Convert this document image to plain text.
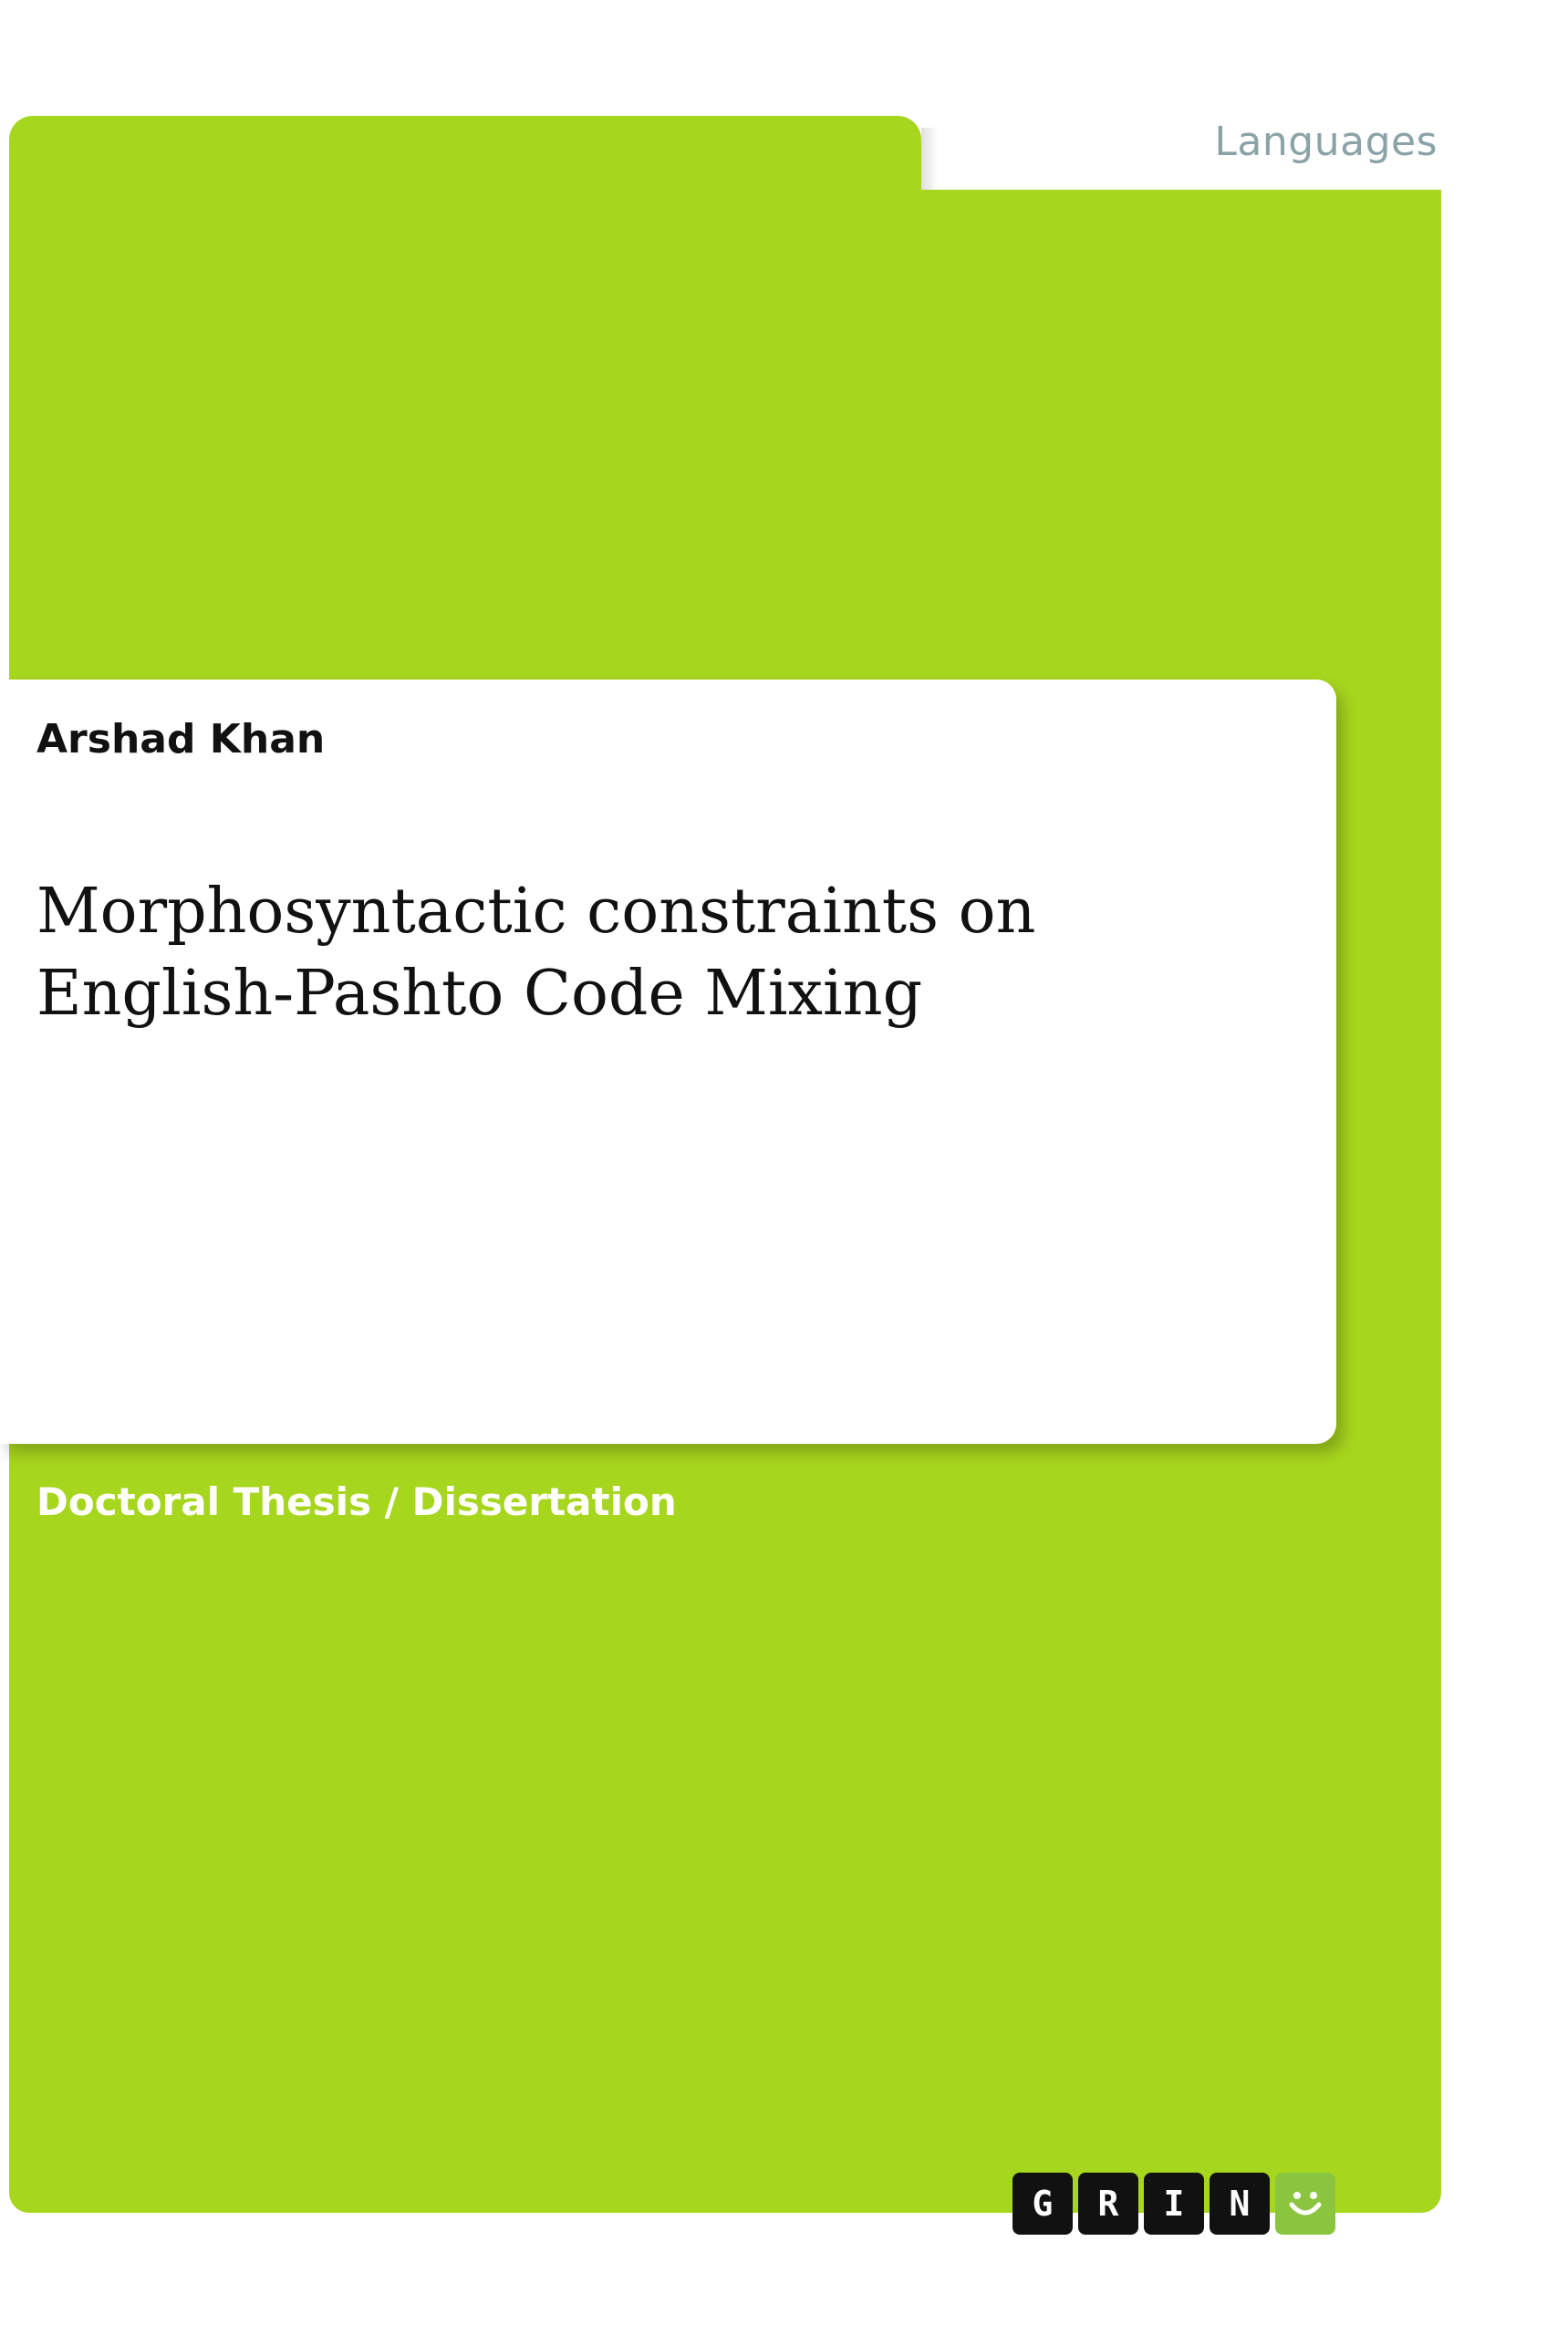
Languages
Arshad Khan
Morphosyntactic constraints on English-Pashto Code Mixing
Doctoral Thesis / Dissertation
G	R	I	N
